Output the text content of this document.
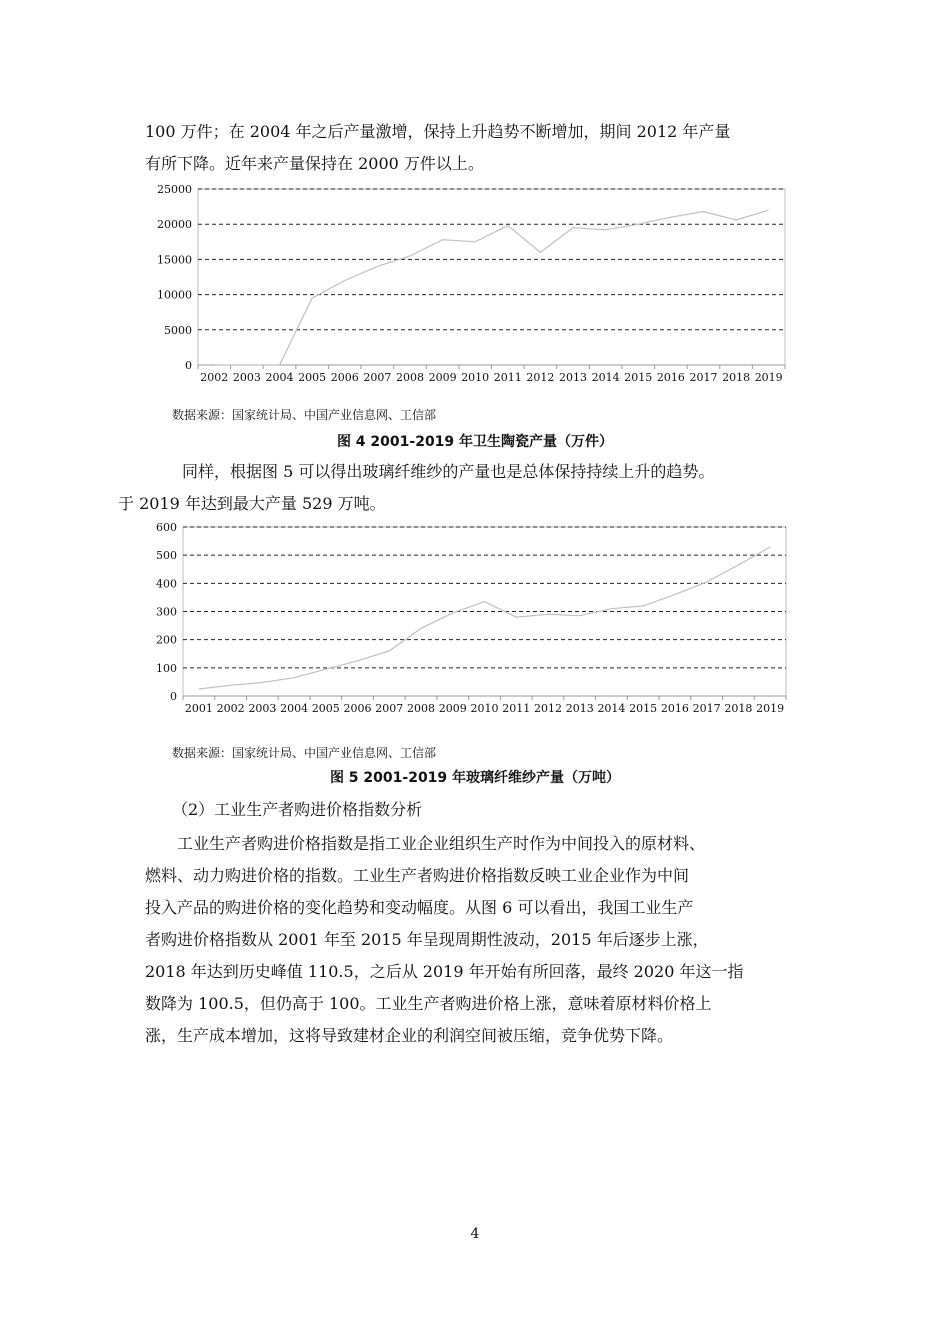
100 万件；在 2004 年之后产量激增，保持上升趋势不断增加，期间 2012 年产量
有所下降。近年来产量保持在 2000 万件以上。

0
5000
10000
15000
20000
25000
2002 2003 2004 2005 2006 2007 2008 2009 2010 2011 2012 2013 2014 2015 2016 2017 2018 2019
数据来源：国家统计局、中国产业信息网、工信部
图 4 2001-2019 年卫生陶瓷产量（万件）

同样，根据图 5 可以得出玻璃纤维纱的产量也是总体保持持续上升的趋势。
于 2019 年达到最大产量 529 万吨。

0
100
200
300
400
500
600
2001 2002 2003 2004 2005 2006 2007 2008 2009 2010 2011 2012 2013 2014 2015 2016 2017 2018 2019
数据来源：国家统计局、中国产业信息网、工信部
图 5 2001-2019 年玻璃纤维纱产量（万吨）
（2）工业生产者购进价格指数分析

工业生产者购进价格指数是指工业企业组织生产时作为中间投入的原材料、
燃料、动力购进价格的指数。工业生产者购进价格指数反映工业企业作为中间
投入产品的购进价格的变化趋势和变动幅度。从图 6 可以看出，我国工业生产
者购进价格指数从 2001 年至 2015 年呈现周期性波动，2015 年后逐步上涨，
2018 年达到历史峰值 110.5，之后从 2019 年开始有所回落，最终 2020 年这一指
数降为 100.5，但仍高于 100。工业生产者购进价格上涨，意味着原材料价格上
涨，生产成本增加，这将导致建材企业的利润空间被压缩，竞争优势下降。

4
